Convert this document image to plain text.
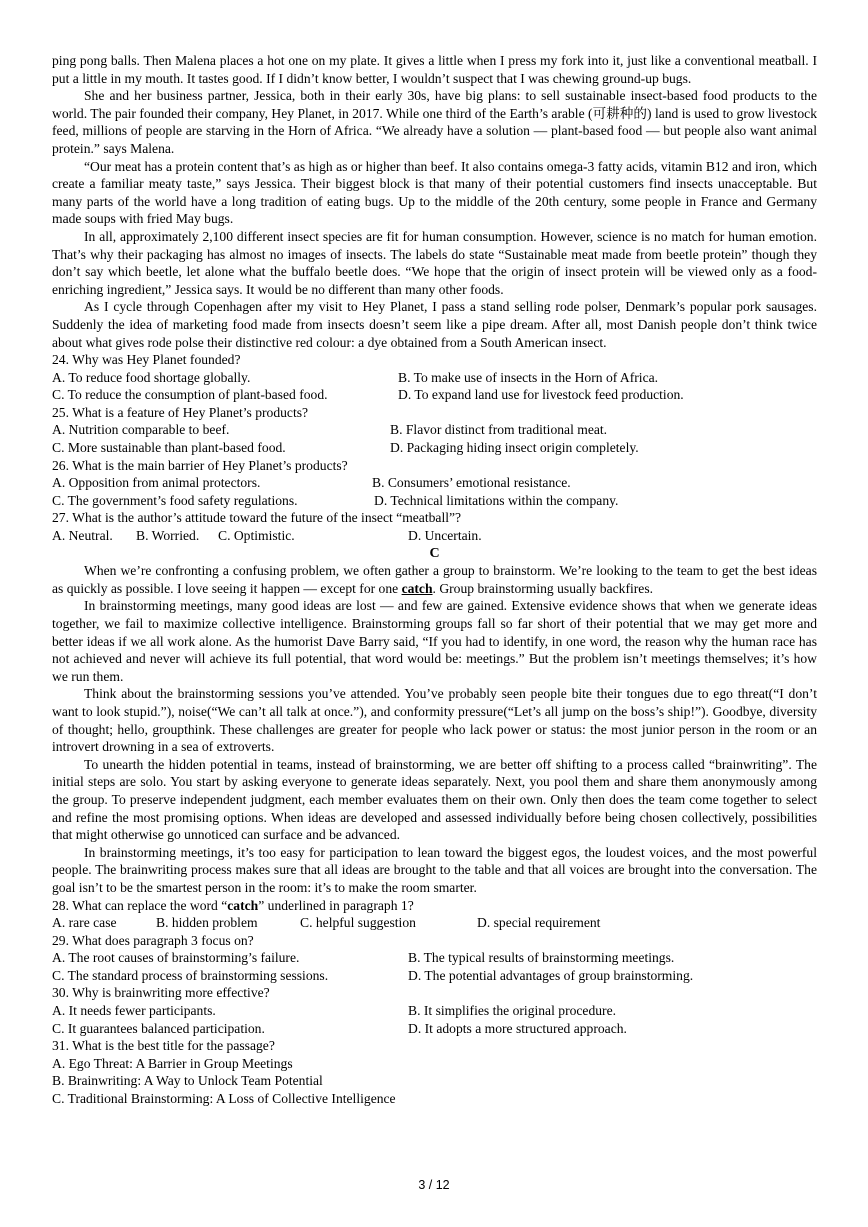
ping pong balls. Then Malena places a hot one on my plate. It gives a little when I press my fork into it, just like a conventional meatball. I put a little in my mouth. It tastes good. If I didn’t know better, I wouldn’t suspect that I was chewing ground-up bugs.

She and her business partner, Jessica, both in their early 30s, have big plans: to sell sustainable insect-based food products to the world. The pair founded their company, Hey Planet, in 2017. While one third of the Earth’s arable (可耕种的) land is used to grow livestock feed, millions of people are starving in the Horn of Africa. “We already have a solution — plant-based food — but people also want animal protein.” says Malena.

“Our meat has a protein content that’s as high as or higher than beef. It also contains omega-3 fatty acids, vitamin B12 and iron, which create a familiar meaty taste,” says Jessica. Their biggest block is that many of their potential customers find insects unacceptable. But many parts of the world have a long tradition of eating bugs. Up to the middle of the 20th century, some people in France and Germany made soups with fried May bugs.

In all, approximately 2,100 different insect species are fit for human consumption. However, science is no match for human emotion. That’s why their packaging has almost no images of insects. The labels do state “Sustainable meat made from beetle protein” though they don’t say which beetle, let alone what the buffalo beetle does. “We hope that the origin of insect protein will be viewed only as a food-enriching ingredient,” Jessica says. It would be no different than many other foods.

As I cycle through Copenhagen after my visit to Hey Planet, I pass a stand selling rode polser, Denmark’s popular pork sausages. Suddenly the idea of marketing food made from insects doesn’t seem like a pipe dream. After all, most Danish people don’t think twice about what gives rode polse their distinctive red colour: a dye obtained from a South American insect.

24. Why was Hey Planet founded?

A. To reduce food shortage globally.	B. To make use of insects in the Horn of Africa.
C. To reduce the consumption of plant-based food.	D. To expand land use for livestock feed production.

25. What is a feature of Hey Planet’s products?

A. Nutrition comparable to beef.	B. Flavor distinct from traditional meat.
C. More sustainable than plant-based food.	D. Packaging hiding insect origin completely.

26. What is the main barrier of Hey Planet’s products?

A. Opposition from animal protectors.	B. Consumers’ emotional resistance.
C. The government’s food safety regulations.	D. Technical limitations within the company.

27. What is the author’s attitude toward the future of the insect “meatball”?

A. Neutral.	B. Worried.	C. Optimistic.	D. Uncertain.

C

When we’re confronting a confusing problem, we often gather a group to brainstorm. We’re looking to the team to get the best ideas as quickly as possible. I love seeing it happen — except for one catch. Group brainstorming usually backfires.

In brainstorming meetings, many good ideas are lost — and few are gained. Extensive evidence shows that when we generate ideas together, we fail to maximize collective intelligence. Brainstorming groups fall so far short of their potential that we may get more and better ideas if we all work alone. As the humorist Dave Barry said, “If you had to identify, in one word, the reason why the human race has not achieved and never will achieve its full potential, that word would be: meetings.” But the problem isn’t meetings themselves; it’s how we run them.

Think about the brainstorming sessions you’ve attended. You’ve probably seen people bite their tongues due to ego threat(“I don’t want to look stupid.”), noise(“We can’t all talk at once.”), and conformity pressure(“Let’s all jump on the boss’s ship!”). Goodbye, diversity of thought; hello, groupthink. These challenges are greater for people who lack power or status: the most junior person in the room or an introvert drowning in a sea of extroverts.

To unearth the hidden potential in teams, instead of brainstorming, we are better off shifting to a process called “brainwriting”. The initial steps are solo. You start by asking everyone to generate ideas separately. Next, you pool them and share them anonymously among the group. To preserve independent judgment, each member evaluates them on their own. Only then does the team come together to select and refine the most promising options. When ideas are developed and assessed individually before being chosen collectively, possibilities that might otherwise go unnoticed can surface and be advanced.

In brainstorming meetings, it’s too easy for participation to lean toward the biggest egos, the loudest voices, and the most powerful people. The brainwriting process makes sure that all ideas are brought to the table and that all voices are brought into the conversation. The goal isn’t to be the smartest person in the room: it’s to make the room smarter.

28. What can replace the word “catch” underlined in paragraph 1?

A. rare case	B. hidden problem	C. helpful suggestion	D. special requirement

29. What does paragraph 3 focus on?

A. The root causes of brainstorming’s failure.	B. The typical results of brainstorming meetings.
C. The standard process of brainstorming sessions.	D. The potential advantages of group brainstorming.

30. Why is brainwriting more effective?

A. It needs fewer participants.	B. It simplifies the original procedure.
C. It guarantees balanced participation.	D. It adopts a more structured approach.

31. What is the best title for the passage?

A. Ego Threat: A Barrier in Group Meetings

B. Brainwriting: A Way to Unlock Team Potential

C. Traditional Brainstorming: A Loss of Collective Intelligence

3 / 12
